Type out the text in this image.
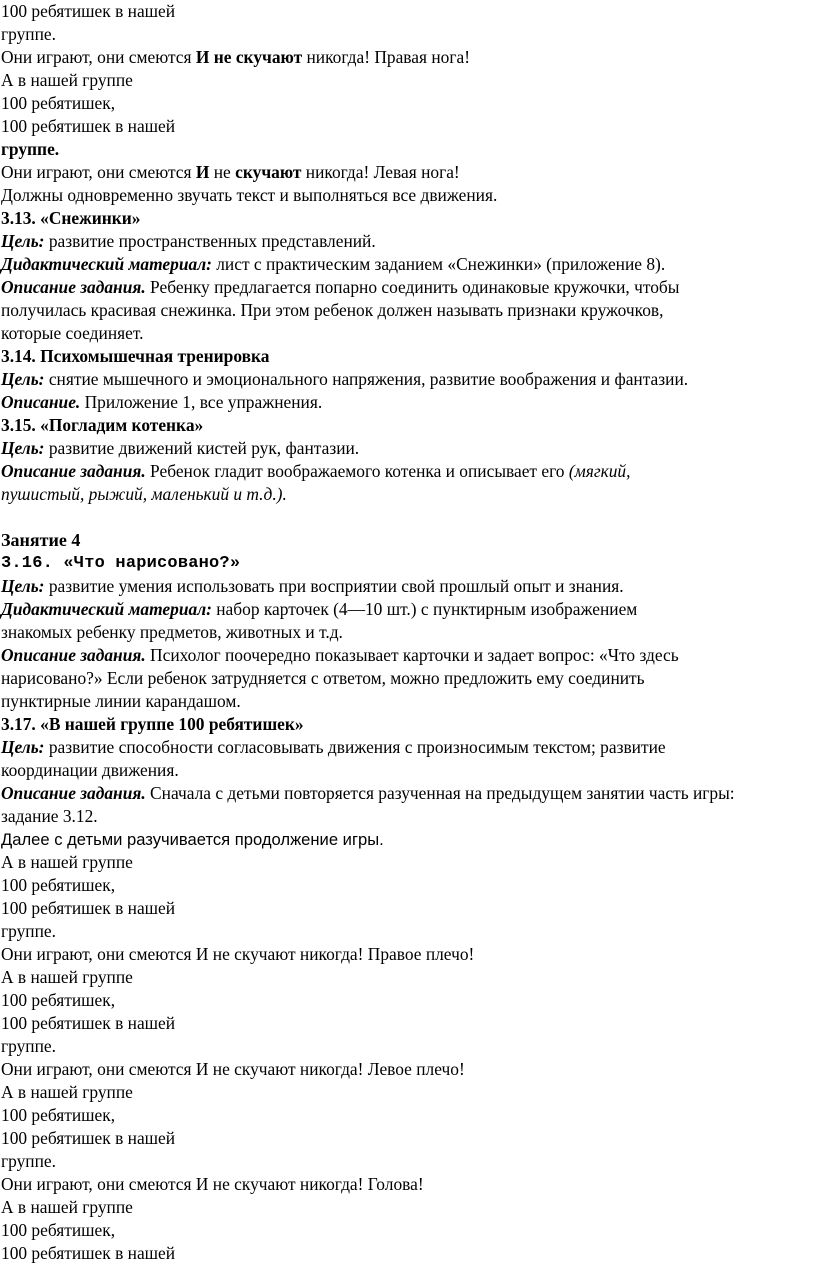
100 ребятишек в нашей
группе.
Они играют, они смеются И не скучают никогда! Правая нога!
А в нашей группе
100 ребятишек,
100 ребятишек в нашей
группе.
Они играют, они смеются И не скучают никогда! Левая нога!
Должны одновременно звучать текст и выполняться все движения.
3.13. «Снежинки»
Цель: развитие пространственных представлений.
Дидактический материал: лист с практическим заданием «Снежинки» (приложение 8).
Описание задания. Ребенку предлагается попарно соединить одинаковые кружочки, чтобы
получилась красивая снежинка. При этом ребенок должен называть признаки кружочков,
которые соединяет.
3.14. Психомышечная тренировка
Цель: снятие мышечного и эмоционального напряжения, развитие воображения и фантазии.
Описание. Приложение 1, все упражнения.
3.15. «Погладим котенка»
Цель: развитие движений кистей рук, фантазии.
Описание задания. Ребенок гладит воображаемого котенка и описывает его (мягкий,
пушистый, рыжий, маленький и т.д.).
Занятие 4
3.16. «Что нарисовано?»
Цель: развитие умения использовать при восприятии свой прошлый опыт и знания.
Дидактический материал: набор карточек (4—10 шт.) с пунктирным изображением
знакомых ребенку предметов, животных и т.д.
Описание задания. Психолог поочередно показывает карточки и задает вопрос: «Что здесь
нарисовано?» Если ребенок затрудняется с ответом, можно предложить ему соединить
пунктирные линии карандашом.
3.17. «В нашей группе 100 ребятишек»
Цель: развитие способности согласовывать движения с произносимым текстом; развитие
координации движения.
Описание задания. Сначала с детьми повторяется разученная на предыдущем занятии часть игры:
задание 3.12.
Далее с детьми разучивается продолжение игры.
А в нашей группе
100 ребятишек,
100 ребятишек в нашей
группе.
Они играют, они смеются И не скучают никогда! Правое плечо!
А в нашей группе
100 ребятишек,
100 ребятишек в нашей
группе.
Они играют, они смеются И не скучают никогда! Левое плечо!
А в нашей группе
100 ребятишек,
100 ребятишек в нашей
группе.
Они играют, они смеются И не скучают никогда! Голова!
А в нашей группе
100 ребятишек,
100 ребятишек в нашей
